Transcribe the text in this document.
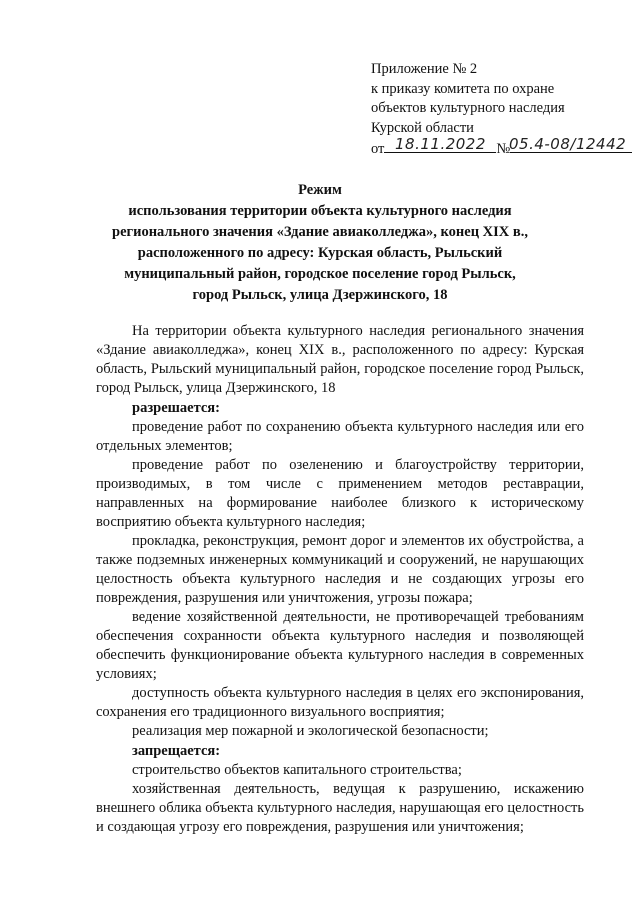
Приложение № 2
к приказу комитета по охране
объектов культурного наследия
Курской области
от	№
18.11.2022 05.4-08/12442
Режим
использования территории объекта культурного наследия
регионального значения «Здание авиаколледжа», конец XIX в.,
расположенного по адресу: Курская область, Рыльский
муниципальный район, городское поселение город Рыльск,
город Рыльск, улица Дзержинского, 18

На территории объекта культурного наследия регионального значения «Здание авиаколледжа», конец XIX в., расположенного по адресу: Курская область, Рыльский муниципальный район, городское поселение город Рыльск, город Рыльск, улица Дзержинского, 18

разрешается:

проведение работ по сохранению объекта культурного наследия или его отдельных элементов;

проведение работ по озеленению и благоустройству территории, производимых, в том числе с применением методов реставрации, направленных на формирование наиболее близкого к историческому восприятию объекта культурного наследия;

прокладка, реконструкция, ремонт дорог и элементов их обустройства, а также подземных инженерных коммуникаций и сооружений, не нарушающих целостность объекта культурного наследия и не создающих угрозы его повреждения, разрушения или уничтожения, угрозы пожара;

ведение хозяйственной деятельности, не противоречащей требованиям обеспечения сохранности объекта культурного наследия и позволяющей обеспечить функционирование объекта культурного наследия в современных условиях;

доступность объекта культурного наследия в целях его экспонирования, сохранения его традиционного визуального восприятия;

реализация мер пожарной и экологической безопасности;

запрещается:

строительство объектов капитального строительства;

хозяйственная деятельность, ведущая к разрушению, искажению внешнего облика объекта культурного наследия, нарушающая его целостность и создающая угрозу его повреждения, разрушения или уничтожения;
